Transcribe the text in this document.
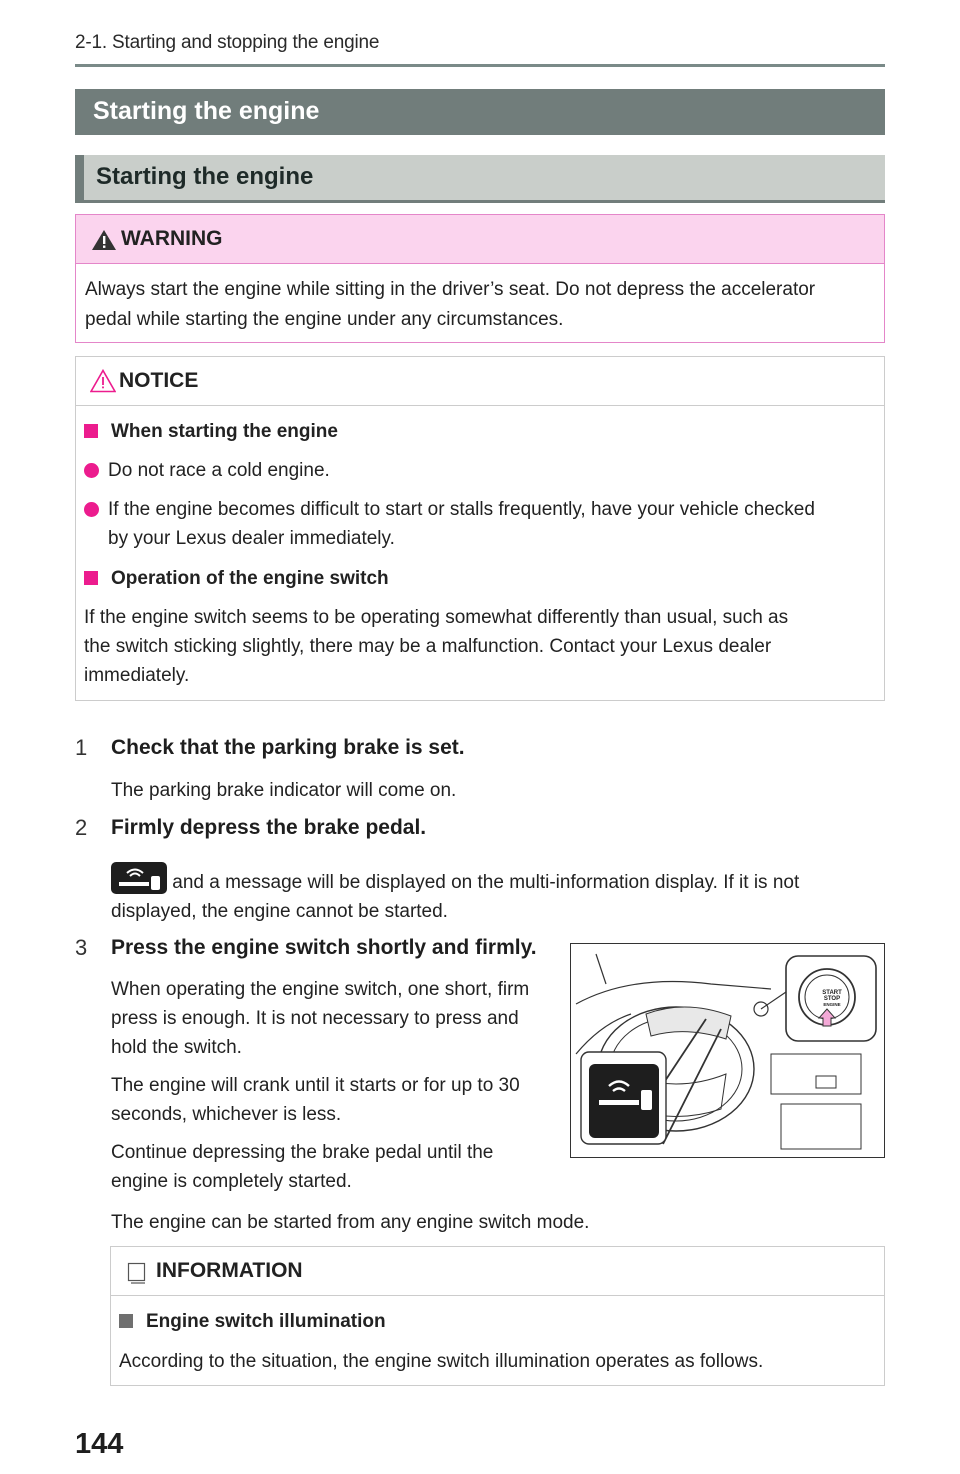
2-1. Starting and stopping the engine
Starting the engine
Starting the engine
WARNING
Always start the engine while sitting in the driver’s seat. Do not depress the accelerator
pedal while starting the engine under any circumstances.
NOTICE
When starting the engine
Do not race a cold engine.
If the engine becomes difficult to start or stalls frequently, have your vehicle checked
by your Lexus dealer immediately.
Operation of the engine switch
If the engine switch seems to be operating somewhat differently than usual, such as
the switch sticking slightly, there may be a malfunction. Contact your Lexus dealer
immediately.
1 Check that the parking brake is set.
The parking brake indicator will come on.
2 Firmly depress the brake pedal.
and a message will be displayed on the multi-information display. If it is not
displayed, the engine cannot be started.
3 Press the engine switch shortly and firmly.
When operating the engine switch, one short, firm
press is enough. It is not necessary to press and
hold the switch.
The engine will crank until it starts or for up to 30
seconds, whichever is less.
Continue depressing the brake pedal until the
engine is completely started.
The engine can be started from any engine switch mode.
START
STOP
ENGINE
INFORMATION
Engine switch illumination
According to the situation, the engine switch illumination operates as follows.
144
